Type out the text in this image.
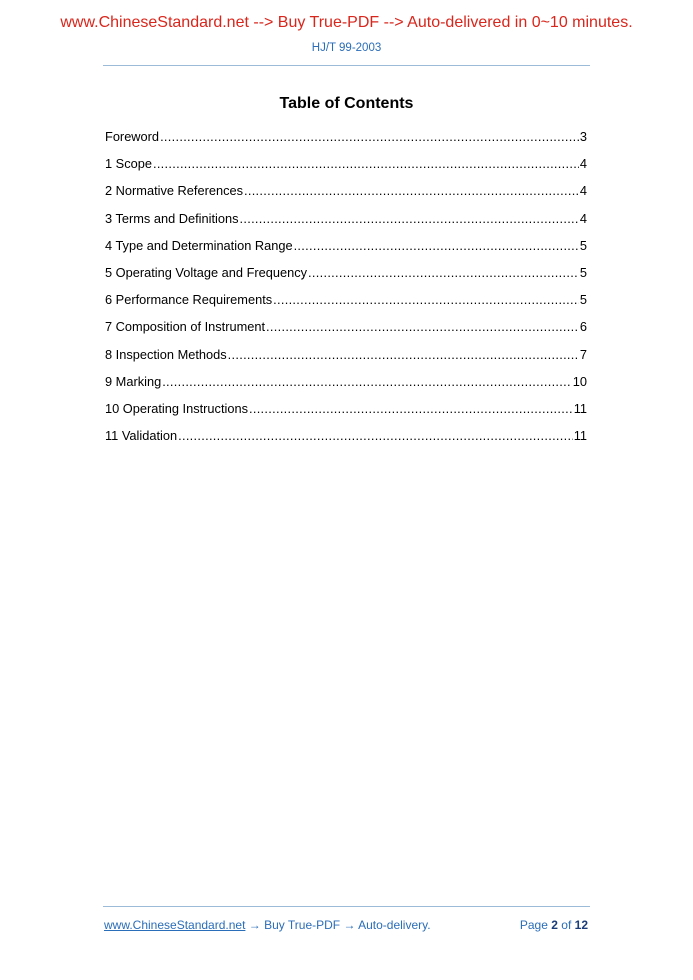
www.ChineseStandard.net --> Buy True-PDF --> Auto-delivered in 0~10 minutes.
HJ/T 99-2003
Table of Contents
Foreword .....	3
1 Scope .....	4
2 Normative References .....	4
3 Terms and Definitions .....	4
4 Type and Determination Range .....	5
5 Operating Voltage and Frequency .....	5
6 Performance Requirements .....	5
7 Composition of Instrument .....	6
8 Inspection Methods .....	7
9 Marking .....	10
10 Operating Instructions .....	11
11 Validation .....	11
www.ChineseStandard.net → Buy True-PDF → Auto-delivery.	Page 2 of 12
